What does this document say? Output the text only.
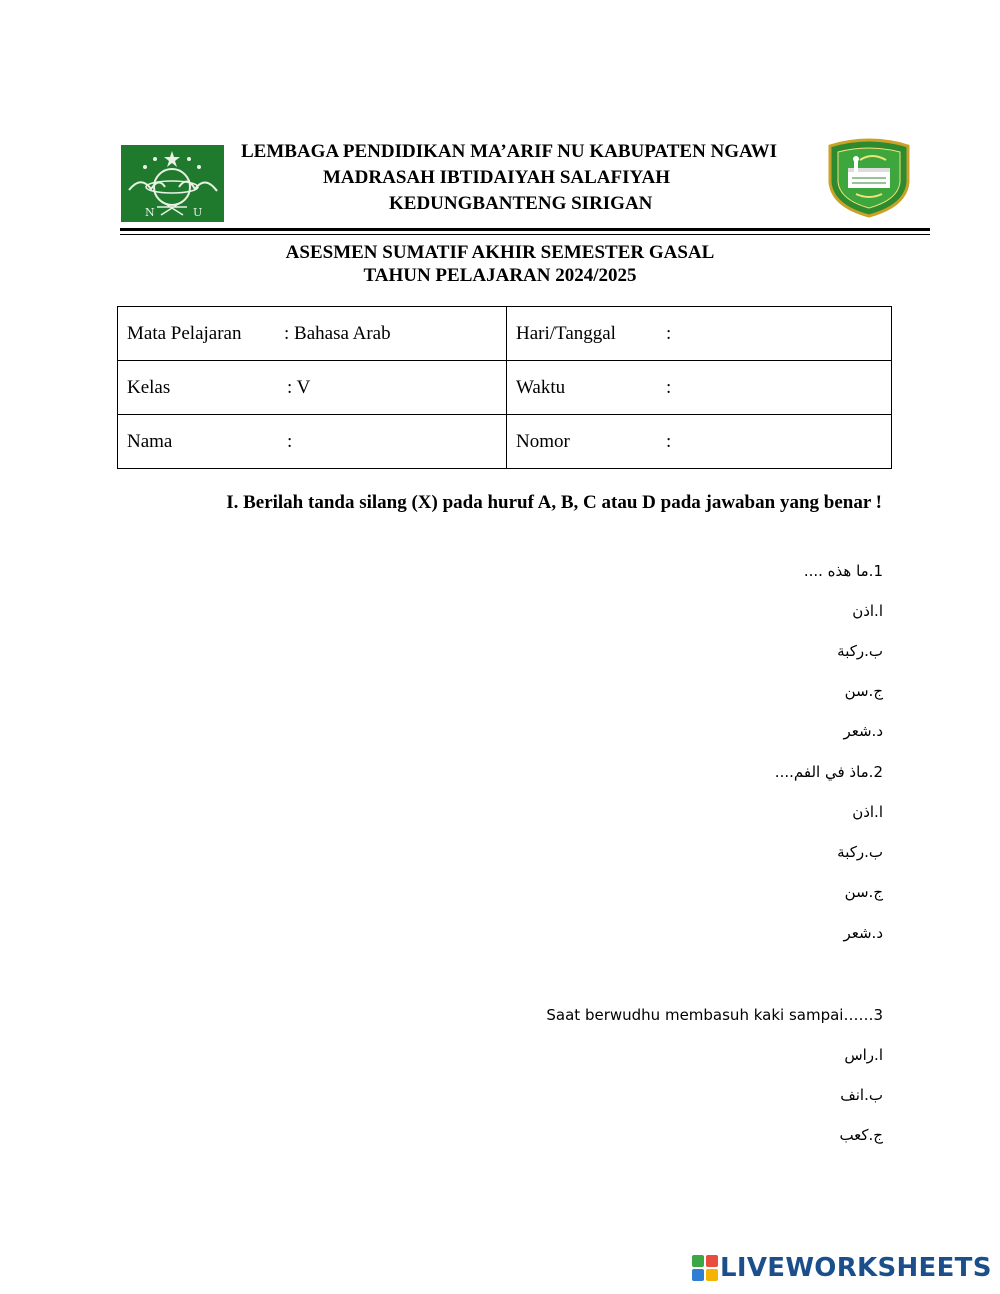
N	U
LEMBAGA PENDIDIKAN MA’ARIF NU KABUPATEN NGAWI
MADRASAH IBTIDAIYAH SALAFIYAH
KEDUNGBANTENG SIRIGAN
ASESMEN SUMATIF AKHIR SEMESTER GASAL
TAHUN PELAJARAN 2024/2025
Mata Pelajaran : Bahasa Arab	Hari/Tanggal :
Kelas : V	Waktu :
Nama :	Nomor :
I. Berilah tanda silang (X) pada huruf A, B, C atau D pada jawaban yang benar !
1.ما هذه ....
ا.اذن
ب.ركبة
ج.سن
د.شعر
2.ماذ في الفم....
ا.اذن
ب.ركبة
ج.سن
د.شعر
Saat berwudhu membasuh kaki sampai……3
ا.راس
ب.انف
ج.كعب
LIVEWORKSHEETS
